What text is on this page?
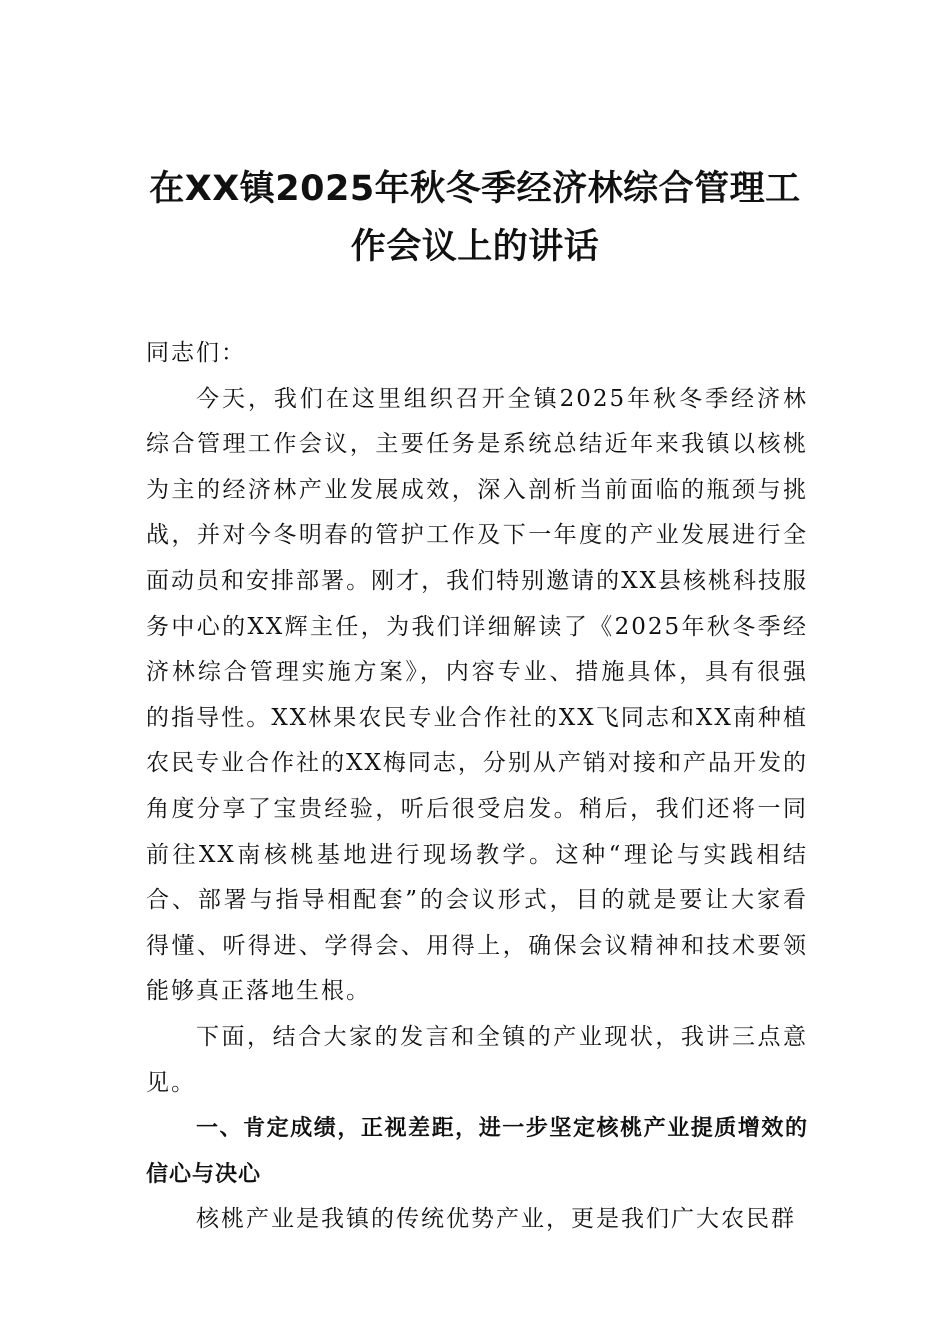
在XX镇2025年秋冬季经济林综合管理工
作会议上的讲话

同志们：

今天，我们在这里组织召开全镇2025年秋冬季经济林综合管理工作会议，主要任务是系统总结近年来我镇以核桃为主的经济林产业发展成效，深入剖析当前面临的瓶颈与挑战，并对今冬明春的管护工作及下一年度的产业发展进行全面动员和安排部署。刚才，我们特别邀请的XX县核桃科技服务中心的XX辉主任，为我们详细解读了《2025年秋冬季经济林综合管理实施方案》，内容专业、措施具体，具有很强的指导性。XX林果农民专业合作社的XX飞同志和XX南种植农民专业合作社的XX梅同志，分别从产销对接和产品开发的角度分享了宝贵经验，听后很受启发。稍后，我们还将一同前往XX南核桃基地进行现场教学。这种“理论与实践相结合、部署与指导相配套”的会议形式，目的就是要让大家看得懂、听得进、学得会、用得上，确保会议精神和技术要领能够真正落地生根。

下面，结合大家的发言和全镇的产业现状，我讲三点意见。

一、肯定成绩，正视差距，进一步坚定核桃产业提质增效的信心与决心

核桃产业是我镇的传统优势产业，更是我们广大农民群
